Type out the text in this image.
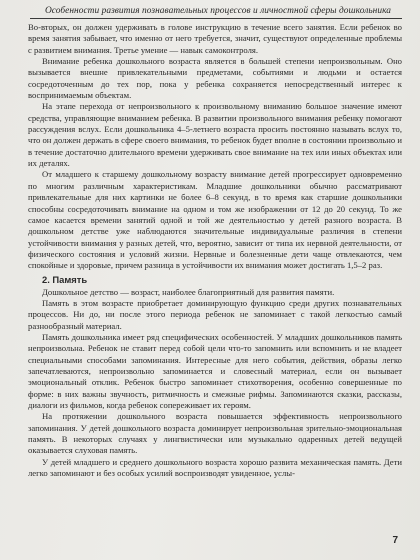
Особенности развития познавательных процессов и личностной сферы дошкольника

Во-вторых, он должен удерживать в голове инструкцию в течение всего занятия. Если ребенок во время занятия забывает, что именно от него требуется, значит, существуют определенные проблемы с развитием внимания. Третье умение — навык самоконтроля.

Внимание ребенка дошкольного возраста является в большей степени непроизвольным. Оно вызывается внешне привлекательными предметами, событиями и людьми и остается сосредоточенным до тех пор, пока у ребенка сохраняется непосредственный интерес к воспринимаемым объектам.

На этапе перехода от непроизвольного к произвольному вниманию большое значение имеют средства, управляющие вниманием ребенка. В развитии произвольного внимания ребенку помогают рассуждения вслух. Если дошкольника 4–5-летнего возраста просить постоянно называть вслух то, что он должен держать в сфере своего внимания, то ребенок будет вполне в состоянии произвольно и в течение достаточно длительного времени удерживать свое внимание на тех или иных объектах или их деталях.

От младшего к старшему дошкольному возрасту внимание детей прогрессирует одновременно по многим различным характеристикам. Младшие дошкольники обычно рассматривают привлекательные для них картинки не более 6–8 секунд, в то время как старшие дошкольники способны сосредоточивать внимание на одном и том же изображении от 12 до 20 секунд. То же самое касается времени занятий одной и той же деятельностью у детей разного возраста. В дошкольном детстве уже наблюдаются значительные индивидуальные различия в степени устойчивости внимания у разных детей, что, вероятно, зависит от типа их нервной деятельности, от физического состояния и условий жизни. Нервные и болезненные дети чаще отвлекаются, чем спокойные и здоровые, причем разница в устойчивости их внимания может достигать 1,5–2 раз.

2. Память

Дошкольное детство — возраст, наиболее благоприятный для развития памяти.

Память в этом возрасте приобретает доминирующую функцию среди других познавательных процессов. Ни до, ни после этого периода ребенок не запоминает с такой легкостью самый разнообразный материал.

Память дошкольника имеет ряд специфических особенностей. У младших дошкольников память непроизвольна. Ребенок не ставит перед собой цели что-то запомнить или вспомнить и не владеет специальными способами запоминания. Интересные для него события, действия, образы легко запечатлеваются, непроизвольно запоминается и словесный материал, если он вызывает эмоциональный отклик. Ребенок быстро запоминает стихотворения, особенно совершенные по форме: в них важны звучность, ритмичность и смежные рифмы. Запоминаются сказки, рассказы, диалоги из фильмов, когда ребенок сопереживает их героям.

На протяжении дошкольного возраста повышается эффективность непроизвольного запоминания. У детей дошкольного возраста доминирует непроизвольная зрительно-эмоциональная память. В некоторых случаях у лингвистически или музыкально одаренных детей ведущей оказывается слуховая память.

У детей младшего и среднего дошкольного возраста хорошо развита механическая память. Дети легко запоминают и без особых усилий воспроизводят увиденное, услы-

7
